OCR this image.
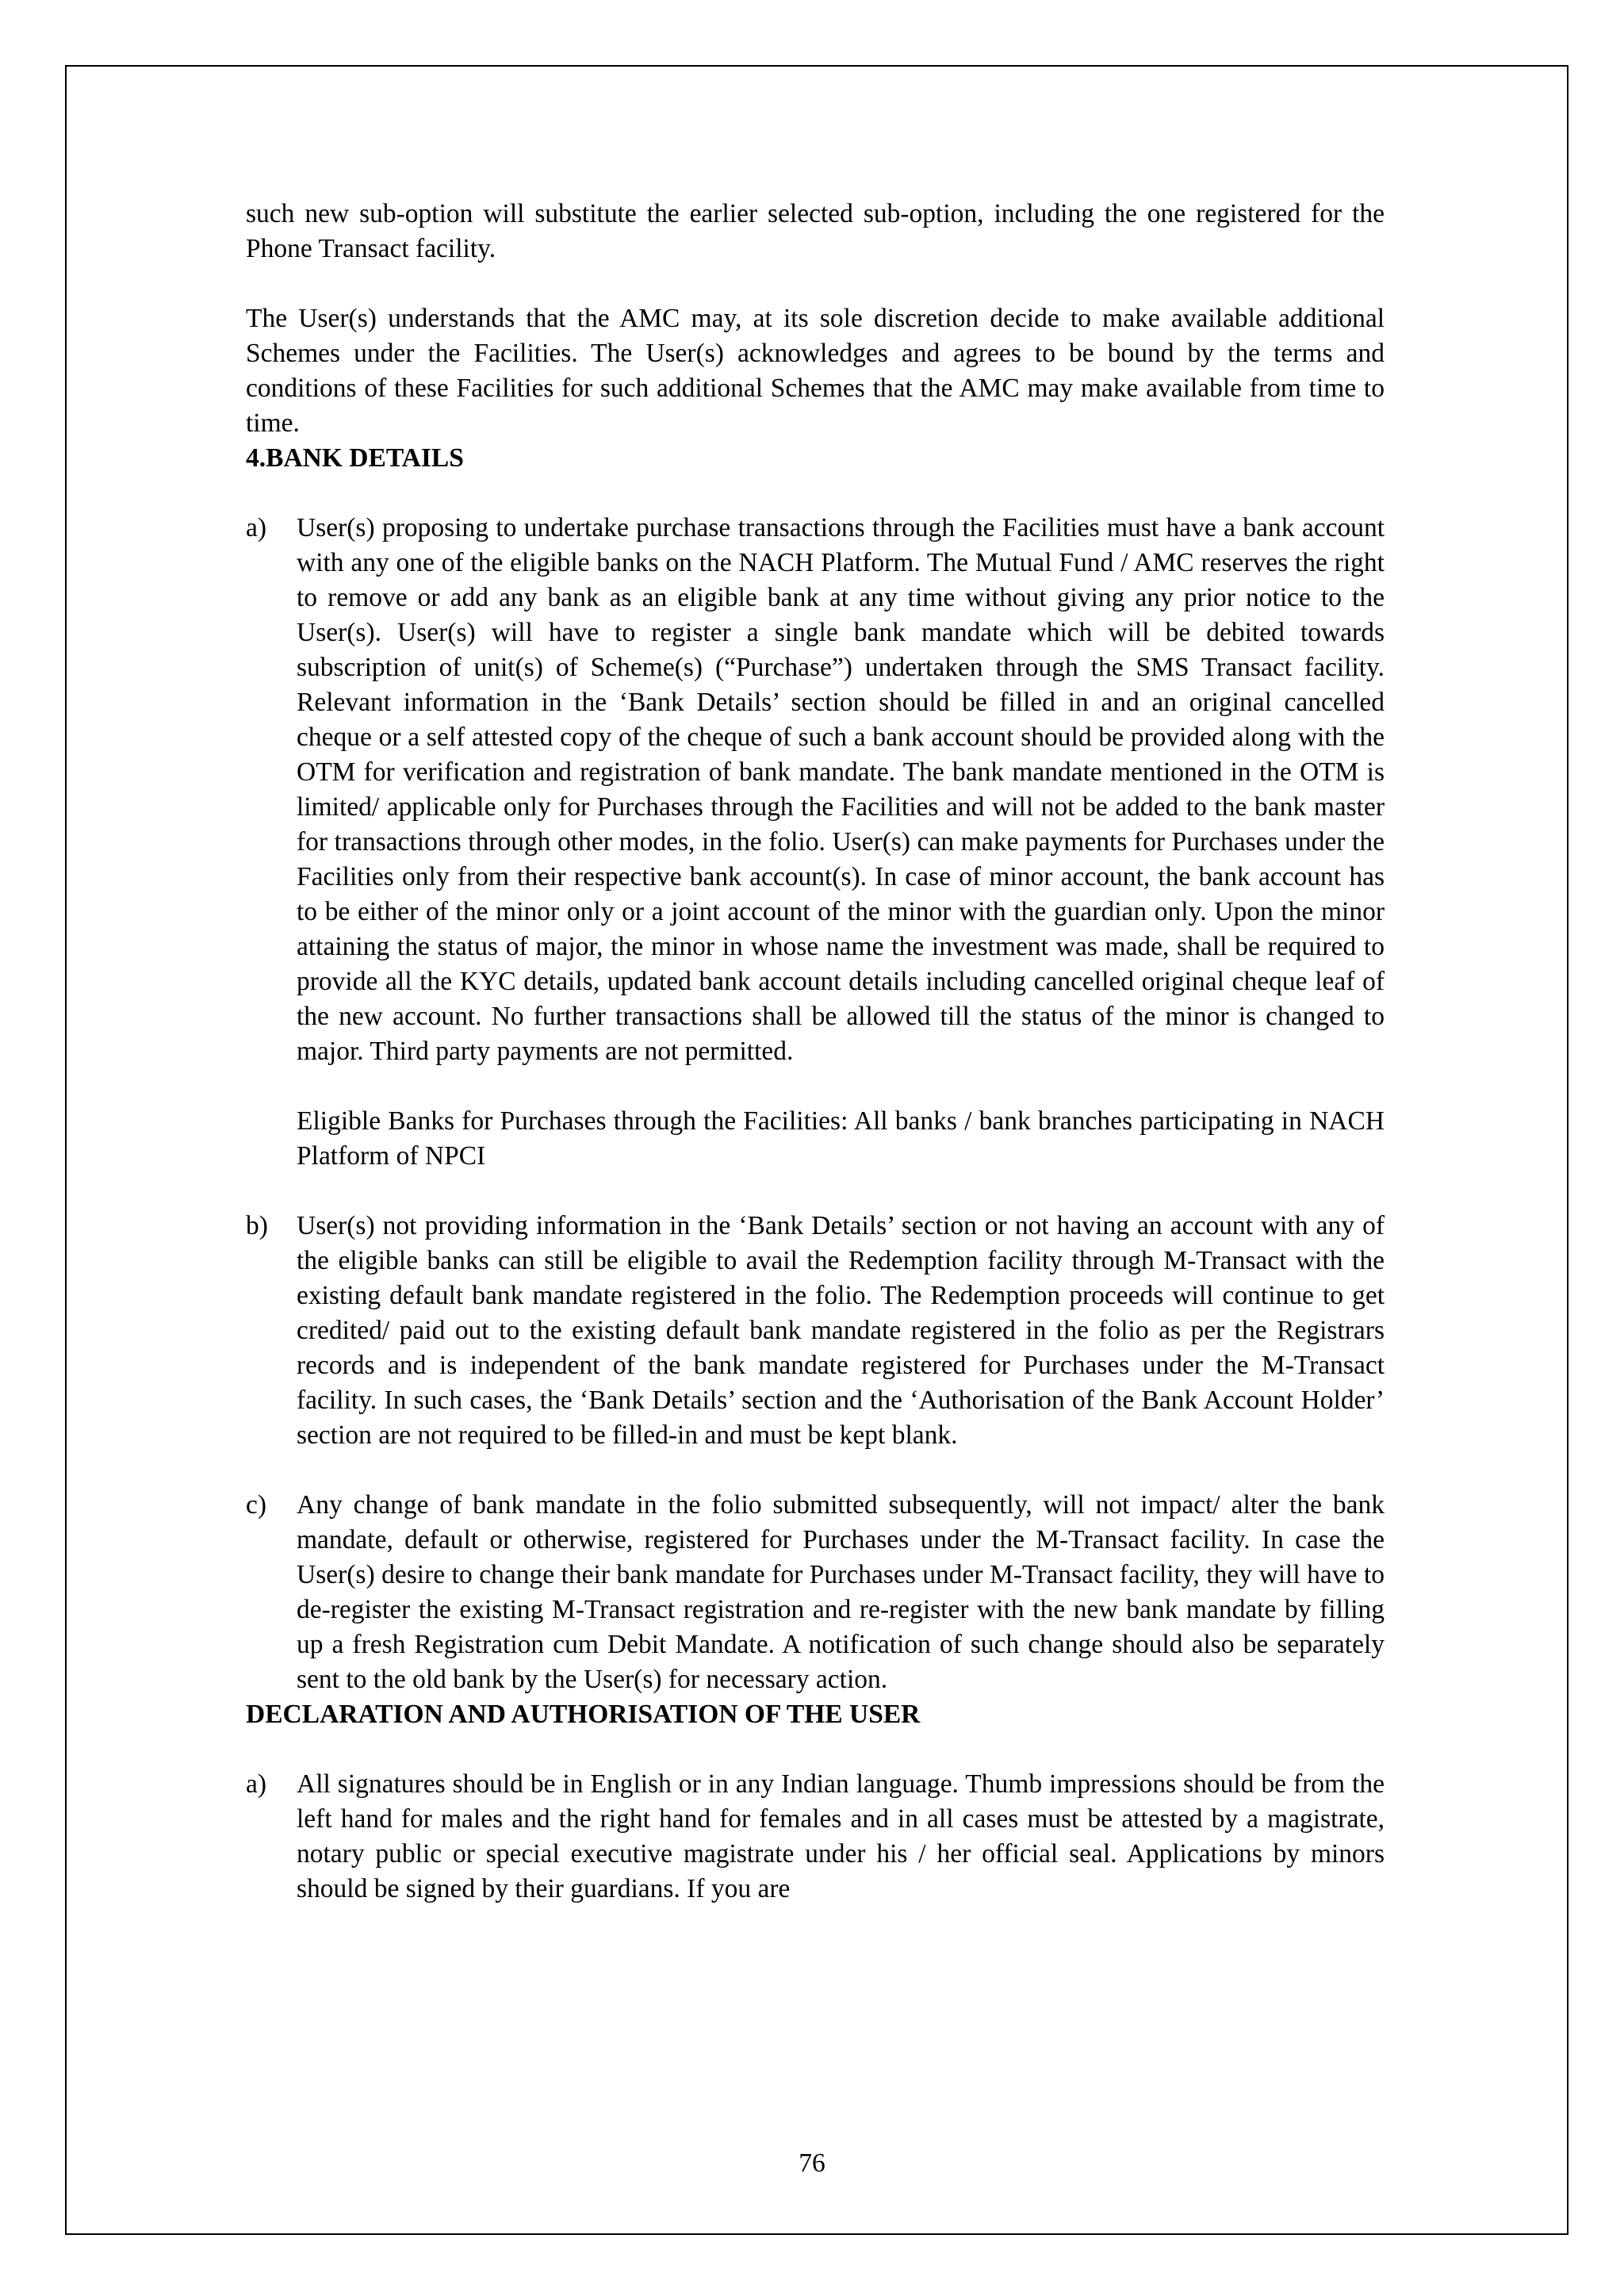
such new sub-option will substitute the earlier selected sub-option, including the one registered for the Phone Transact facility.

The User(s) understands that the AMC may, at its sole discretion decide to make available additional Schemes under the Facilities. The User(s) acknowledges and agrees to be bound by the terms and conditions of these Facilities for such additional Schemes that the AMC may make available from time to time.

4.BANK DETAILS

a)	User(s) proposing to undertake purchase transactions through the Facilities must have a bank account with any one of the eligible banks on the NACH Platform. The Mutual Fund / AMC reserves the right to remove or add any bank as an eligible bank at any time without giving any prior notice to the User(s). User(s) will have to register a single bank mandate which will be debited towards subscription of unit(s) of Scheme(s) (“Purchase”) undertaken through the SMS Transact facility. Relevant information in the ‘Bank Details’ section should be filled in and an original cancelled cheque or a self attested copy of the cheque of such a bank account should be provided along with the OTM for verification and registration of bank mandate. The bank mandate mentioned in the OTM is limited/ applicable only for Purchases through the Facilities and will not be added to the bank master for transactions through other modes, in the folio. User(s) can make payments for Purchases under the Facilities only from their respective bank account(s). In case of minor account, the bank account has to be either of the minor only or a joint account of the minor with the guardian only. Upon the minor attaining the status of major, the minor in whose name the investment was made, shall be required to provide all the KYC details, updated bank account details including cancelled original cheque leaf of the new account. No further transactions shall be allowed till the status of the minor is changed to major. Third party payments are not permitted.

Eligible Banks for Purchases through the Facilities: All banks / bank branches participating in NACH Platform of NPCI

b)	User(s) not providing information in the ‘Bank Details’ section or not having an account with any of the eligible banks can still be eligible to avail the Redemption facility through M-Transact with the existing default bank mandate registered in the folio. The Redemption proceeds will continue to get credited/ paid out to the existing default bank mandate registered in the folio as per the Registrars records and is independent of the bank mandate registered for Purchases under the M-Transact facility. In such cases, the ‘Bank Details’ section and the ‘Authorisation of the Bank Account Holder’ section are not required to be filled-in and must be kept blank.

c)	Any change of bank mandate in the folio submitted subsequently, will not impact/ alter the bank mandate, default or otherwise, registered for Purchases under the M-Transact facility. In case the User(s) desire to change their bank mandate for Purchases under M-Transact facility, they will have to de-register the existing M-Transact registration and re-register with the new bank mandate by filling up a fresh Registration cum Debit Mandate. A notification of such change should also be separately sent to the old bank by the User(s) for necessary action.

DECLARATION AND AUTHORISATION OF THE USER

a)	All signatures should be in English or in any Indian language. Thumb impressions should be from the left hand for males and the right hand for females and in all cases must be attested by a magistrate, notary public or special executive magistrate under his / her official seal. Applications by minors should be signed by their guardians. If you are

76
